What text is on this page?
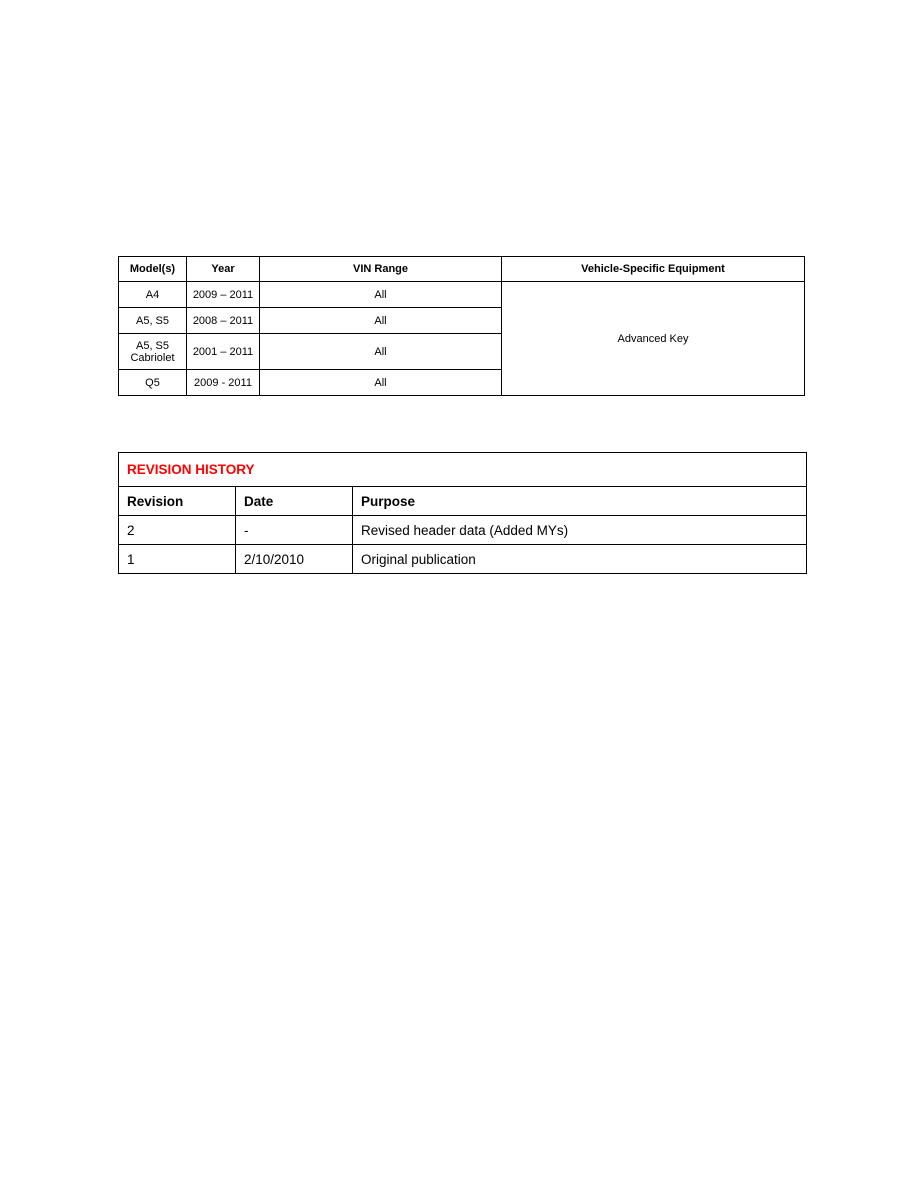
Model(s)	Year	VIN Range	Vehicle-Specific Equipment
A4	2009 – 2011	All	Advanced Key
A5, S5	2008 – 2011	All	
A5, S5 Cabriolet	2001 – 2011	All	
Q5	2009 - 2011	All	
REVISION HISTORY		
Revision	Date	Purpose
2	-	Revised header data (Added MYs)
1	2/10/2010	Original publication
